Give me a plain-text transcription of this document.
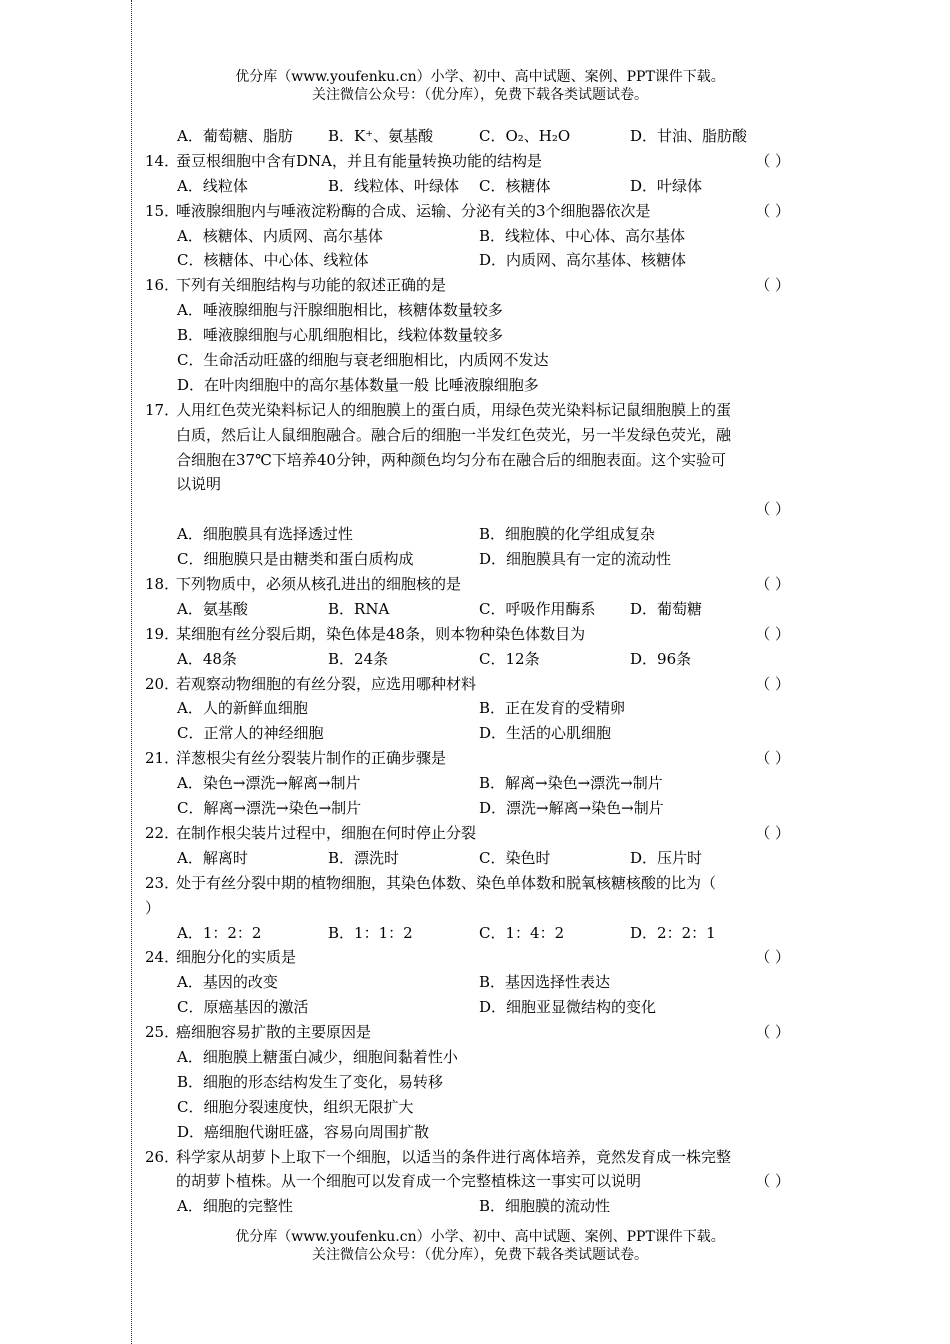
优分库（www.youfenku.cn）小学、初中、高中试题、案例、PPT课件下载。
关注微信公众号：（优分库），免费下载各类试题试卷。
A．葡萄糖、脂肪 B．K⁺、氨基酸	C．O₂、H₂O	D．甘油、脂肪酸
14．
蚕豆根细胞中含有DNA，并且有能量转换功能的结构是	（ ）
A．线粒体	B．线粒体、叶绿体 C．核糖体	D．叶绿体
15．
唾液腺细胞内与唾液淀粉酶的合成、运输、分泌有关的3个细胞器依次是	（ ）
A．核糖体、内质网、高尔基体	B．线粒体、中心体、高尔基体
C．核糖体、中心体、线粒体	D．内质网、高尔基体、核糖体
16．
下列有关细胞结构与功能的叙述正确的是	（ ）
A．唾液腺细胞与汗腺细胞相比，核糖体数量较多
B．唾液腺细胞与心肌细胞相比，线粒体数量较多
C．生命活动旺盛的细胞与衰老细胞相比，内质网不发达
D．在叶肉细胞中的高尔基体数量一般 比唾液腺细胞多
17．
人用红色荧光染料标记人的细胞膜上的蛋白质，用绿色荧光染料标记鼠细胞膜上的蛋
白质，然后让人鼠细胞融合。融合后的细胞一半发红色荧光，另一半发绿色荧光，融
合细胞在37℃下培养40分钟，两种颜色均匀分布在融合后的细胞表面。这个实验可
以说明
（ ）
A．细胞膜具有选择透过性	B．细胞膜的化学组成复杂
C．细胞膜只是由糖类和蛋白质构成	D．细胞膜具有一定的流动性
18．
下列物质中，必须从核孔进出的细胞核的是	（ ）
A．氨基酸	B．RNA	C．呼吸作用酶系 D．葡萄糖
19．
某细胞有丝分裂后期，染色体是48条，则本物种染色体数目为	（ ）
A．48条	B．24条	C．12条	D．96条
20．
若观察动物细胞的有丝分裂，应选用哪种材料	（ ）
A．人的新鲜血细胞	B．正在发育的受精卵
C．正常人的神经细胞	D．生活的心肌细胞
21．
洋葱根尖有丝分裂装片制作的正确步骤是	（ ）
A．染色→漂洗→解离→制片	B．解离→染色→漂洗→制片
C．解离→漂洗→染色→制片	D．漂洗→解离→染色→制片
22．
在制作根尖装片过程中，细胞在何时停止分裂	（ ）
A．解离时	B．漂洗时	C．染色时	D．压片时
23．
处于有丝分裂中期的植物细胞，其染色体数、染色单体数和脱氧核糖核酸的比为（
）
A．1：2：2	B．1：1：2	C．1：4：2	D．2：2：1
24．
细胞分化的实质是	（ ）
A．基因的改变	B．基因选择性表达
C．原癌基因的激活	D．细胞亚显微结构的变化
25．
癌细胞容易扩散的主要原因是	（ ）
A．细胞膜上糖蛋白减少，细胞间黏着性小
B．细胞的形态结构发生了变化，易转移
C．细胞分裂速度快，组织无限扩大
D．癌细胞代谢旺盛，容易向周围扩散
26．
科学家从胡萝卜上取下一个细胞，以适当的条件进行离体培养，竟然发育成一株完整
的胡萝卜植株。从一个细胞可以发育成一个完整植株这一事实可以说明	（ ）
A．细胞的完整性	B．细胞膜的流动性
优分库（www.youfenku.cn）小学、初中、高中试题、案例、PPT课件下载。
关注微信公众号：（优分库），免费下载各类试题试卷。
